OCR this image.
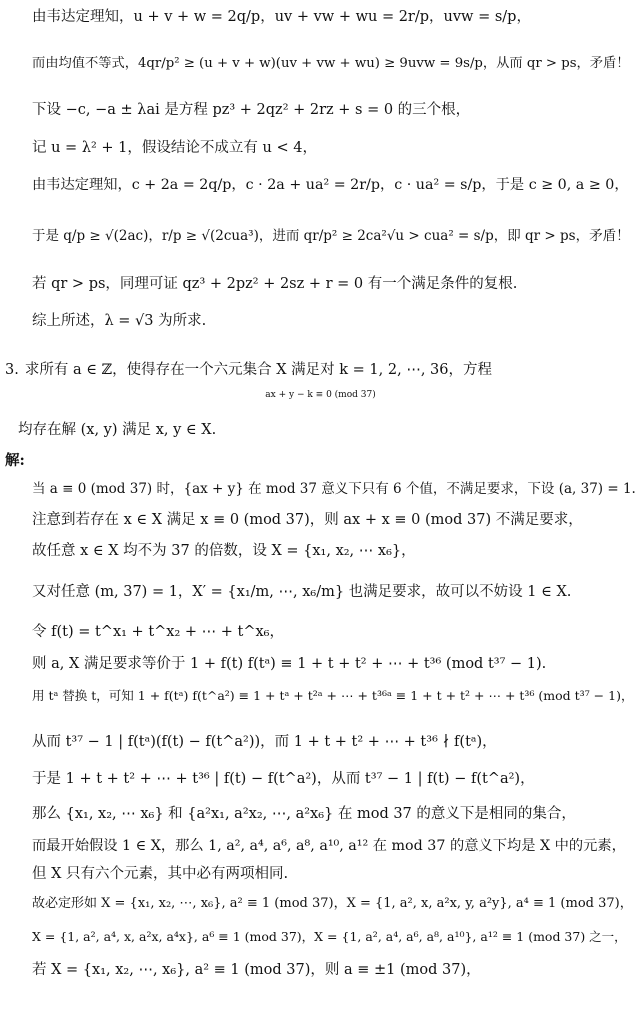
由韦达定理知，u + v + w = 2q/p，uv + vw + wu = 2r/p，uvw = s/p，
而由均值不等式，4qr/p² ≥ (u + v + w)(uv + vw + wu) ≥ 9uvw = 9s/p，从而 qr > ps，矛盾！
下设 −c, −a ± λai 是方程 pz³ + 2qz² + 2rz + s = 0 的三个根，
记 u = λ² + 1，假设结论不成立有 u < 4，
由韦达定理知，c + 2a = 2q/p，c · 2a + ua² = 2r/p，c · ua² = s/p，于是 c ≥ 0, a ≥ 0，
于是 q/p ≥ √(2ac)，r/p ≥ √(2cua³)，进而 qr/p² ≥ 2ca²√u > cua² = s/p，即 qr > ps，矛盾！
若 qr > ps，同理可证 qz³ + 2pz² + 2sz + r = 0 有一个满足条件的复根.
综上所述，λ = √3 为所求.
3. 求所有 a ∈ ℤ，使得存在一个六元集合 X 满足对 k = 1, 2, ⋯, 36，方程
ax + y − k ≡ 0 (mod 37)
均存在解 (x, y) 满足 x, y ∈ X.
解:
当 a ≡ 0 (mod 37) 时，{ax + y} 在 mod 37 意义下只有 6 个值，不满足要求，下设 (a, 37) = 1.
注意到若存在 x ∈ X 满足 x ≡ 0 (mod 37)，则 ax + x ≡ 0 (mod 37) 不满足要求，
故任意 x ∈ X 均不为 37 的倍数，设 X = {x₁, x₂, ⋯ x₆}，
又对任意 (m, 37) = 1，X′ = {x₁/m, ⋯, x₆/m} 也满足要求，故可以不妨设 1 ∈ X.
令 f(t) = t^x₁ + t^x₂ + ⋯ + t^x₆，
则 a, X 满足要求等价于 1 + f(t) f(tᵃ) ≡ 1 + t + t² + ⋯ + t³⁶ (mod t³⁷ − 1).
用 tᵃ 替换 t，可知 1 + f(tᵃ) f(t^a²) ≡ 1 + tᵃ + t²ᵃ + ⋯ + t³⁶ᵃ ≡ 1 + t + t² + ⋯ + t³⁶ (mod t³⁷ − 1)，
从而 t³⁷ − 1 | f(tᵃ)(f(t) − f(t^a²))，而 1 + t + t² + ⋯ + t³⁶ ∤ f(tᵃ)，
于是 1 + t + t² + ⋯ + t³⁶ | f(t) − f(t^a²)，从而 t³⁷ − 1 | f(t) − f(t^a²)，
那么 {x₁, x₂, ⋯ x₆} 和 {a²x₁, a²x₂, ⋯, a²x₆} 在 mod 37 的意义下是相同的集合，
而最开始假设 1 ∈ X，那么 1, a², a⁴, a⁶, a⁸, a¹⁰, a¹² 在 mod 37 的意义下均是 X 中的元素，
但 X 只有六个元素，其中必有两项相同.
故必定形如 X = {x₁, x₂, ⋯, x₆}, a² ≡ 1 (mod 37)，X = {1, a², x, a²x, y, a²y}, a⁴ ≡ 1 (mod 37)，
X = {1, a², a⁴, x, a²x, a⁴x}, a⁶ ≡ 1 (mod 37)，X = {1, a², a⁴, a⁶, a⁸, a¹⁰}, a¹² ≡ 1 (mod 37) 之一，
若 X = {x₁, x₂, ⋯, x₆}, a² ≡ 1 (mod 37)，则 a ≡ ±1 (mod 37)，
